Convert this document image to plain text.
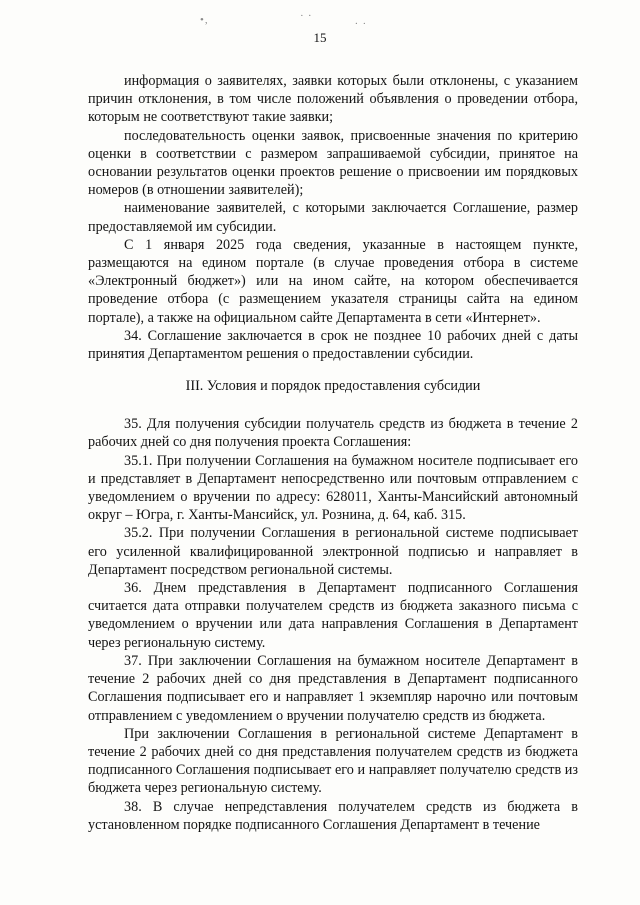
•,	· ∙
∙ ·
15

информация о заявителях, заявки которых были отклонены, с указанием причин отклонения, в том числе положений объявления о проведении отбора, которым не соответствуют такие заявки;

последовательность оценки заявок, присвоенные значения по критерию оценки в соответствии с размером запрашиваемой субсидии, принятое на основании результатов оценки проектов решение о присвоении им порядковых номеров (в отношении заявителей);

наименование заявителей, с которыми заключается Соглашение, размер предоставляемой им субсидии.

С 1 января 2025 года сведения, указанные в настоящем пункте, размещаются на едином портале (в случае проведения отбора в системе «Электронный бюджет») или на ином сайте, на котором обеспечивается проведение отбора (с размещением указателя страницы сайта на едином портале), а также на официальном сайте Департамента в сети «Интернет».

34. Соглашение заключается в срок не позднее 10 рабочих дней с даты принятия Департаментом решения о предоставлении субсидии.

III. Условия и порядок предоставления субсидии

35. Для получения субсидии получатель средств из бюджета в течение 2 рабочих дней со дня получения проекта Соглашения:

35.1. При получении Соглашения на бумажном носителе подписывает его и представляет в Департамент непосредственно или почтовым отправлением с уведомлением о вручении по адресу: 628011, Ханты-Мансийский автономный округ – Югра, г. Ханты-Мансийск, ул. Рознина, д. 64, каб. 315.

35.2. При получении Соглашения в региональной системе подписывает его усиленной квалифицированной электронной подписью и направляет в Департамент посредством региональной системы.

36. Днем представления в Департамент подписанного Соглашения считается дата отправки получателем средств из бюджета заказного письма с уведомлением о вручении или дата направления Соглашения в Департамент через региональную систему.

37. При заключении Соглашения на бумажном носителе Департамент в течение 2 рабочих дней со дня представления в Департамент подписанного Соглашения подписывает его и направляет 1 экземпляр нарочно или почтовым отправлением с уведомлением о вручении получателю средств из бюджета.

При заключении Соглашения в региональной системе Департамент в течение 2 рабочих дней со дня представления получателем средств из бюджета подписанного Соглашения подписывает его и направляет получателю средств из бюджета через региональную систему.

38. В случае непредставления получателем средств из бюджета в установленном порядке подписанного Соглашения Департамент в течение
